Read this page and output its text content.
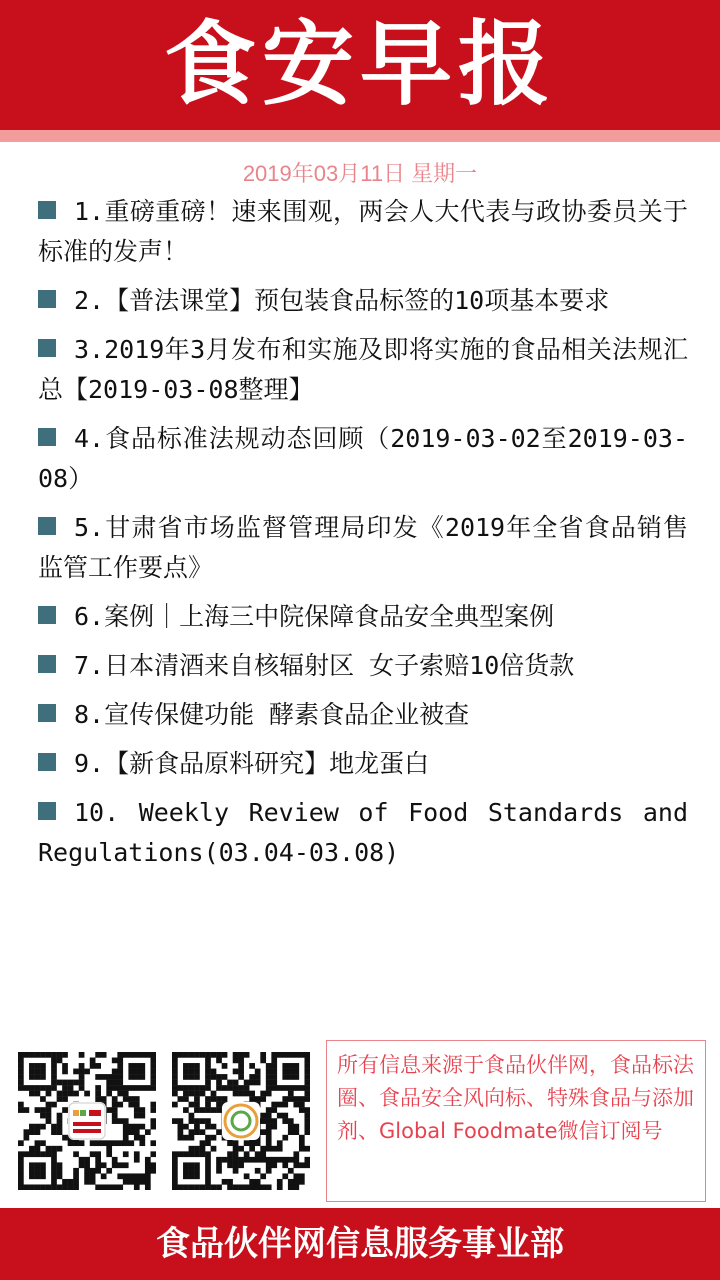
食安早报
2019年03月11日 星期一
1.重磅重磅！速来围观，两会人大代表与政协委员关于标准的发声！
2.【普法课堂】预包装食品标签的10项基本要求
3.2019年3月发布和实施及即将实施的食品相关法规汇总【2019-03-08整理】
4.食品标准法规动态回顾（2019-03-02至2019-03-08）
5.甘肃省市场监督管理局印发《2019年全省食品销售监管工作要点》
6.案例｜上海三中院保障食品安全典型案例
7.日本清酒来自核辐射区 女子索赔10倍货款
8.宣传保健功能 酵素食品企业被查
9.【新食品原料研究】地龙蛋白
10. Weekly Review of Food Standards and Regulations(03.04-03.08)
所有信息来源于食品伙伴网，食品标法圈、食品安全风向标、特殊食品与添加剂、Global Foodmate微信订阅号
食品伙伴网信息服务事业部
